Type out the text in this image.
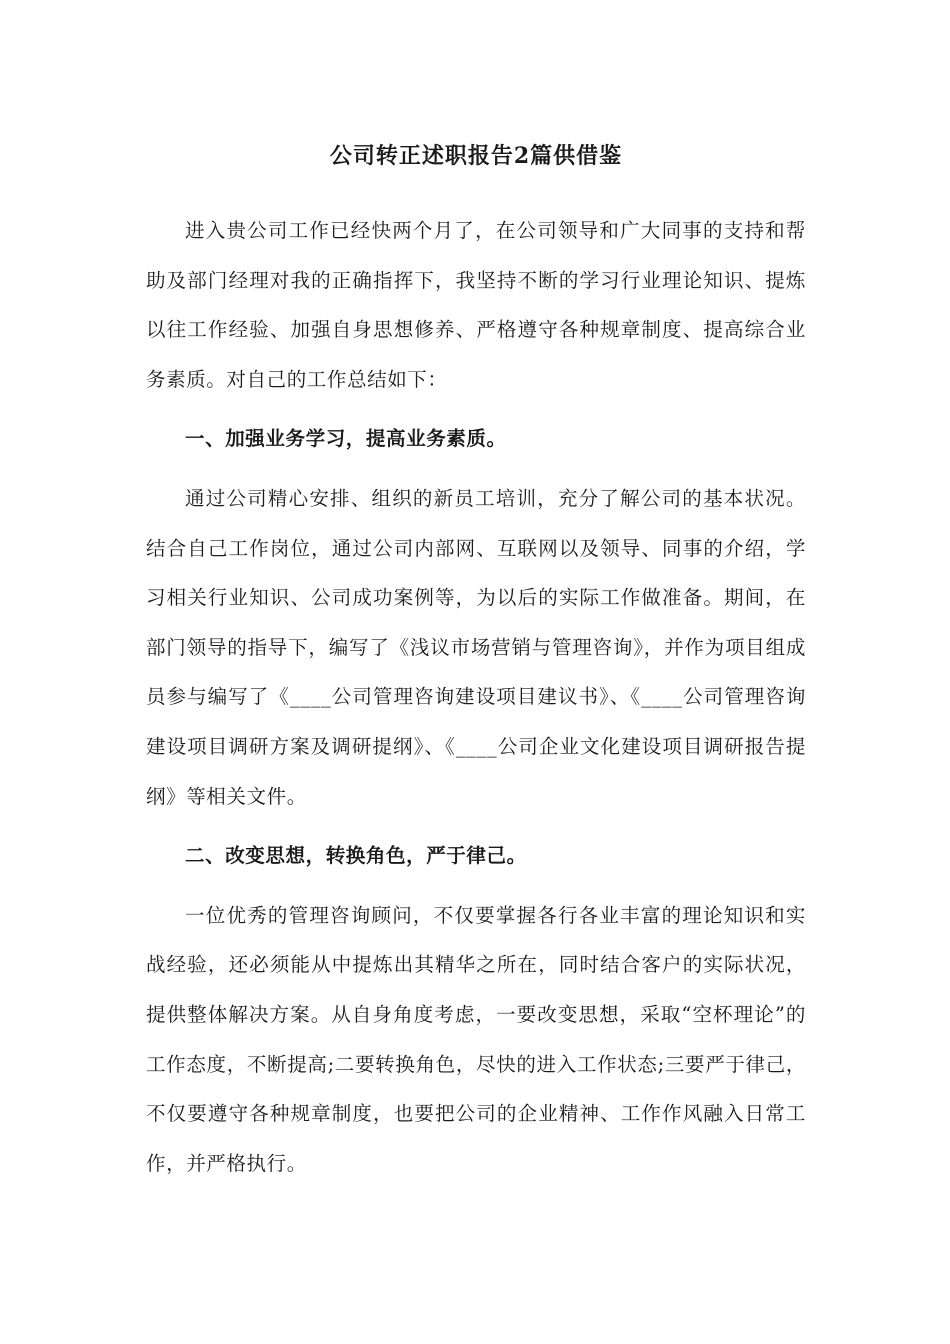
公司转正述职报告2篇供借鉴

进入贵公司工作已经快两个月了，在公司领导和广大同事的支持和帮助及部门经理对我的正确指挥下，我坚持不断的学习行业理论知识、提炼以往工作经验、加强自身思想修养、严格遵守各种规章制度、提高综合业务素质。对自己的工作总结如下：

一、加强业务学习，提高业务素质。

通过公司精心安排、组织的新员工培训，充分了解公司的基本状况。结合自己工作岗位，通过公司内部网、互联网以及领导、同事的介绍，学习相关行业知识、公司成功案例等，为以后的实际工作做准备。期间，在部门领导的指导下，编写了《浅议市场营销与管理咨询》，并作为项目组成员参与编写了《____公司管理咨询建设项目建议书》、《____公司管理咨询建设项目调研方案及调研提纲》、《____公司企业文化建设项目调研报告提纲》等相关文件。

二、改变思想，转换角色，严于律己。

一位优秀的管理咨询顾问，不仅要掌握各行各业丰富的理论知识和实战经验，还必须能从中提炼出其精华之所在，同时结合客户的实际状况，提供整体解决方案。从自身角度考虑，一要改变思想，采取“空杯理论”的工作态度，不断提高;二要转换角色，尽快的进入工作状态;三要严于律己，不仅要遵守各种规章制度，也要把公司的企业精神、工作作风融入日常工作，并严格执行。
